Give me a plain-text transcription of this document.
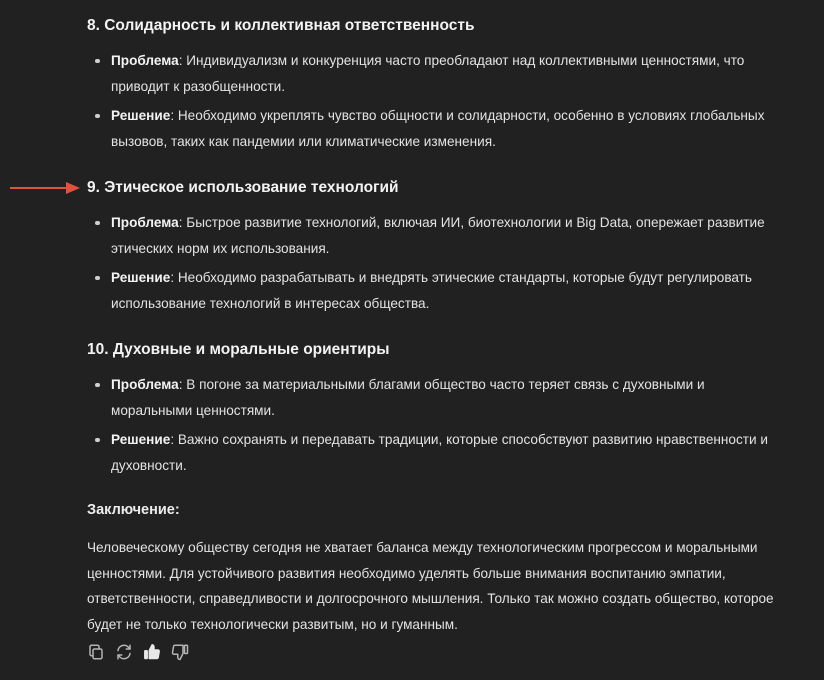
8. Солидарность и коллективная ответственность
Проблема: Индивидуализм и конкуренция часто преобладают над коллективными ценностями, что приводит к разобщенности.
Решение: Необходимо укреплять чувство общности и солидарности, особенно в условиях глобальных вызовов, таких как пандемии или климатические изменения.
9. Этическое использование технологий
Проблема: Быстрое развитие технологий, включая ИИ, биотехнологии и Big Data, опережает развитие этических норм их использования.
Решение: Необходимо разрабатывать и внедрять этические стандарты, которые будут регулировать использование технологий в интересах общества.
10. Духовные и моральные ориентиры
Проблема: В погоне за материальными благами общество часто теряет связь с духовными и моральными ценностями.
Решение: Важно сохранять и передавать традиции, которые способствуют развитию нравственности и духовности.
Заключение:

Человеческому обществу сегодня не хватает баланса между технологическим прогрессом и моральными ценностями. Для устойчивого развития необходимо уделять больше внимания воспитанию эмпатии, ответственности, справедливости и долгосрочного мышления. Только так можно создать общество, которое будет не только технологически развитым, но и гуманным.
